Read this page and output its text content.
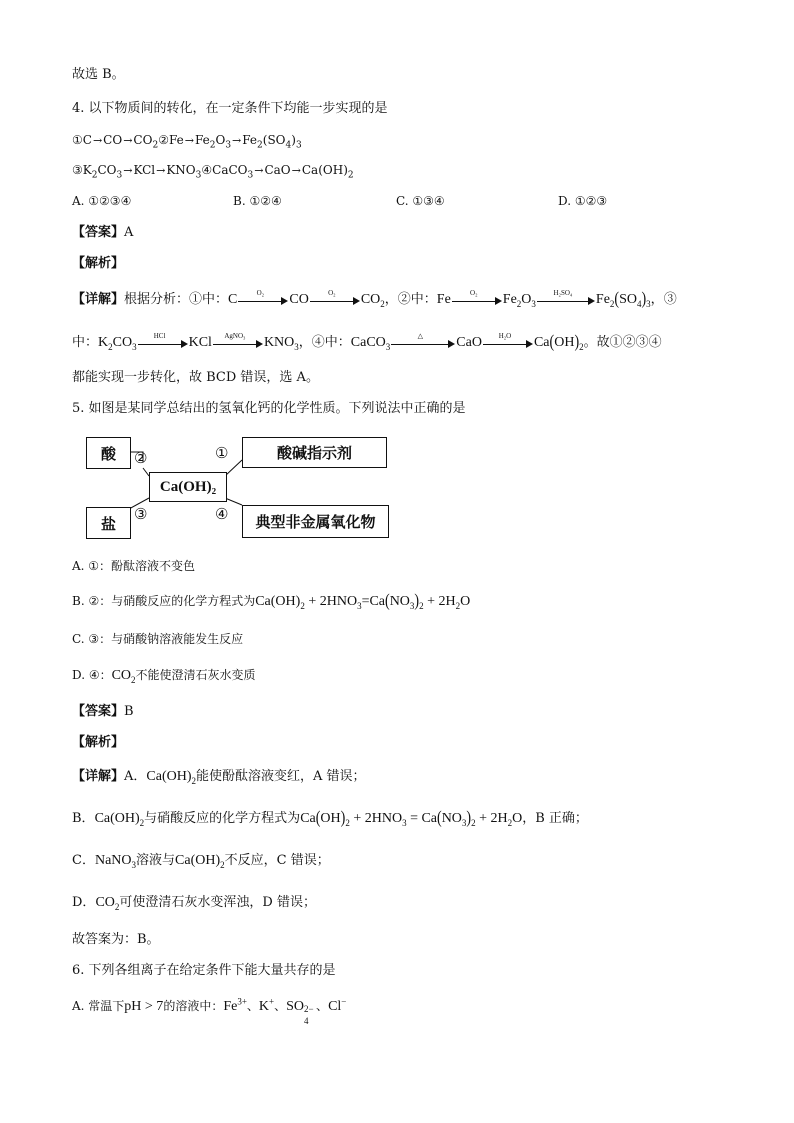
故选 B。
4. 以下物质间的转化，在一定条件下均能一步实现的是
$①C\to CO\to CO_2②Fe\to Fe_2O_3\to Fe_2(SO_4)_3$
$③K_2CO_3\to KCl\to KNO_3④CaCO_3\to CaO\to Ca(OH)_2$
A. ①②③④	B. ①②④	C. ①③④	D. ①②③
【答案】A
【解析】
【详解】根据分析：①中：C	O₂	CO	O₂	$CO_2$，②中：Fe	O₂	$Fe_2O_3$
H₂SO₄	$Fe_2(SO_4)_3$，③
中：$K_2CO_3$
HCl	KCl	AgNO₃	$KNO_3$，④中：CaCO$_3$
△	CaO	H₂O	$Ca(OH)_2$。故①②③④
都能实现一步转化，故 BCD 错误，选 A。
5. 如图是某同学总结出的氢氧化钙的化学性质。下列说法中正确的是
酸
盐
Ca(OH)₂
酸碱指示剂
典型非金属氧化物
①
②
③	④
A. ①：酚酞溶液不变色
B. ②：与硝酸反应的化学方程式为$Ca(OH)_2 + 2HNO_3=Ca(NO_3)_2 + 2H_2O$
C. ③：与硝酸钠溶液能发生反应
D. ④：$CO_2$不能使澄清石灰水变质
【答案】B
【解析】
【详解】A．$Ca(OH)_2$能使酚酞溶液变红，A 错误；
B．$Ca(OH)_2$与硝酸反应的化学方程式为$Ca(OH)_2 + 2HNO_3 = Ca(NO_3)_2 + 2H_2O$，B 正确；
C．NaNO$_3$溶液与$Ca(OH)_2$不反应，C 错误；
D．$CO_2$可使澄清石灰水变浑浊，D 错误；
故答案为：B。
6. 下列各组离子在给定条件下能大量共存的是
A. 常温下pH > 7的溶液中：$Fe^{3+}$、K+、SO 2−
4
、Cl−
